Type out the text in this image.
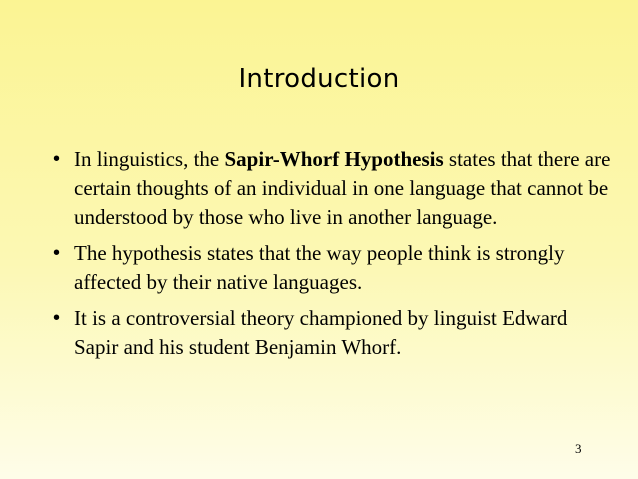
Introduction
• In linguistics, the Sapir-Whorf Hypothesis states that there are certain thoughts of an individual in one language that cannot be understood by those who live in another language.
• The hypothesis states that the way people think is strongly affected by their native languages.
• It is a controversial theory championed by linguist Edward Sapir and his student Benjamin Whorf.
3
